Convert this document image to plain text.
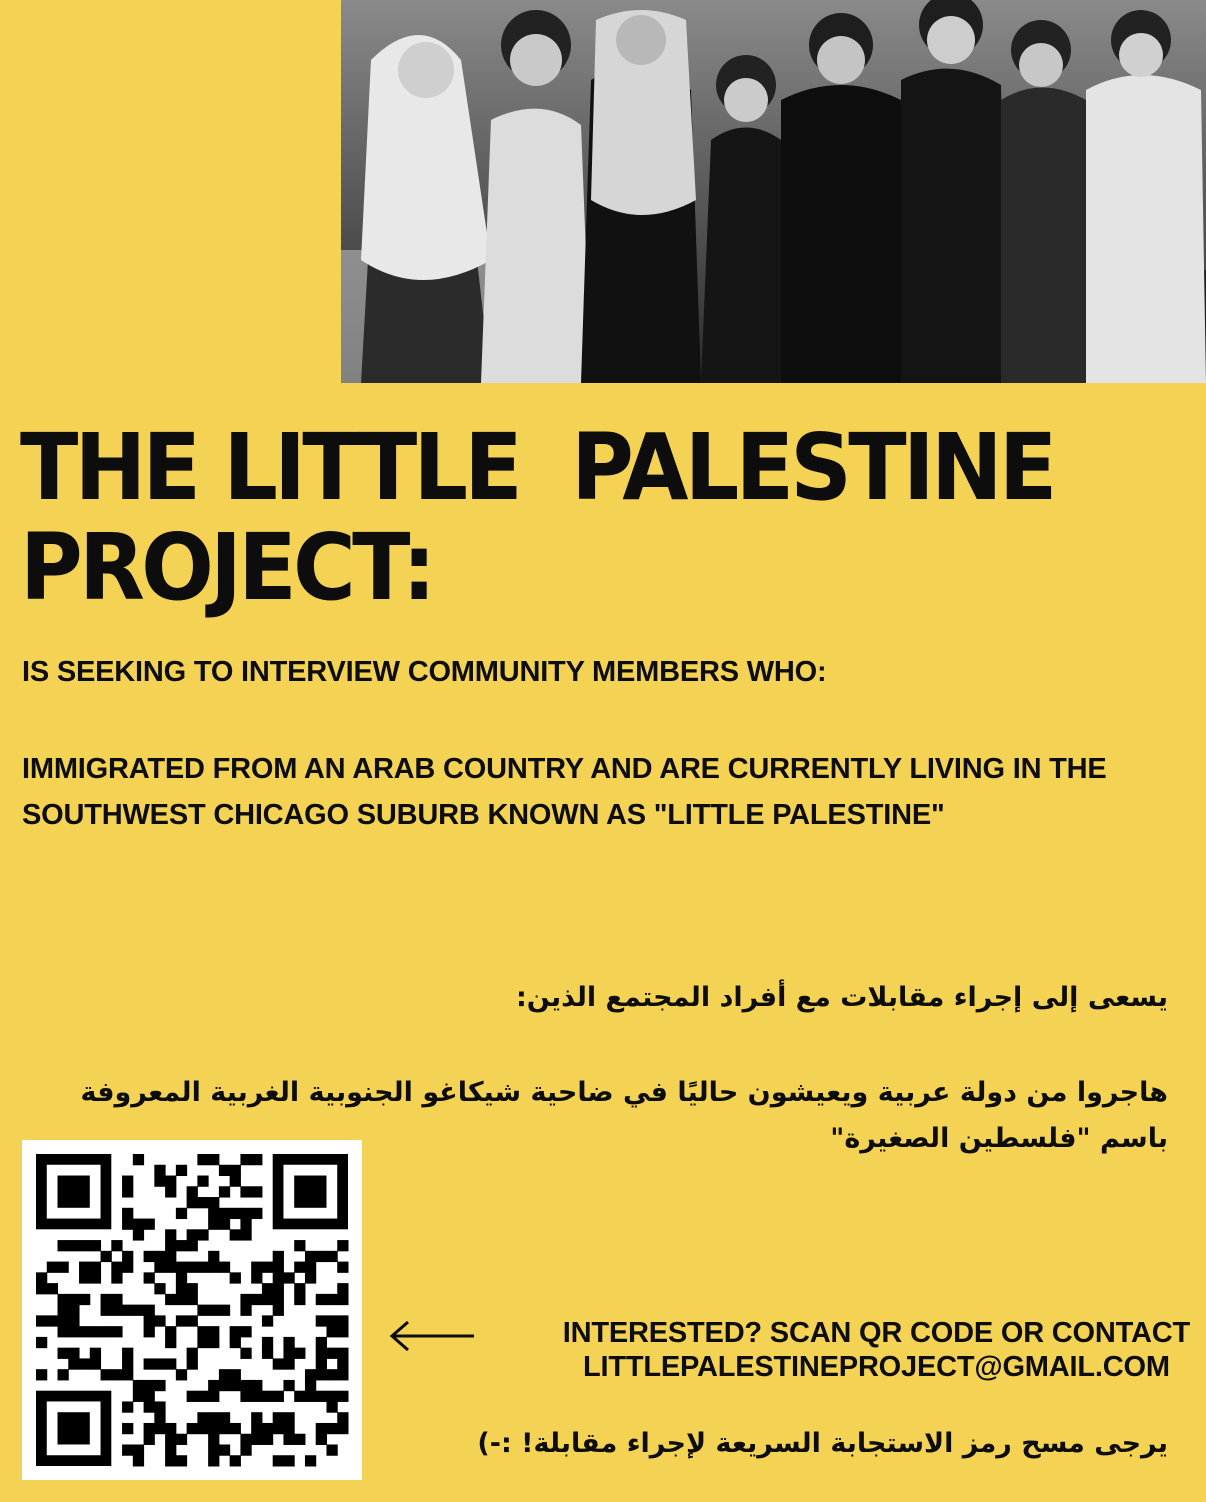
THE LITTLE  PALESTINE
PROJECT:
IS SEEKING TO INTERVIEW COMMUNITY MEMBERS WHO:
IMMIGRATED FROM AN ARAB COUNTRY AND ARE CURRENTLY LIVING IN THE SOUTHWEST CHICAGO SUBURB KNOWN AS "LITTLE PALESTINE"
يسعى إلى إجراء مقابلات مع أفراد المجتمع الذين:
هاجروا من دولة عربية ويعيشون حاليًا في ضاحية شيكاغو الجنوبية الغربية المعروفة باسم "فلسطين الصغيرة"
INTERESTED? SCAN QR CODE OR CONTACT
LITTLEPALESTINEPROJECT@GMAIL.COM
يرجى مسح رمز الاستجابة السريعة لإجراء مقابلة! :-)
